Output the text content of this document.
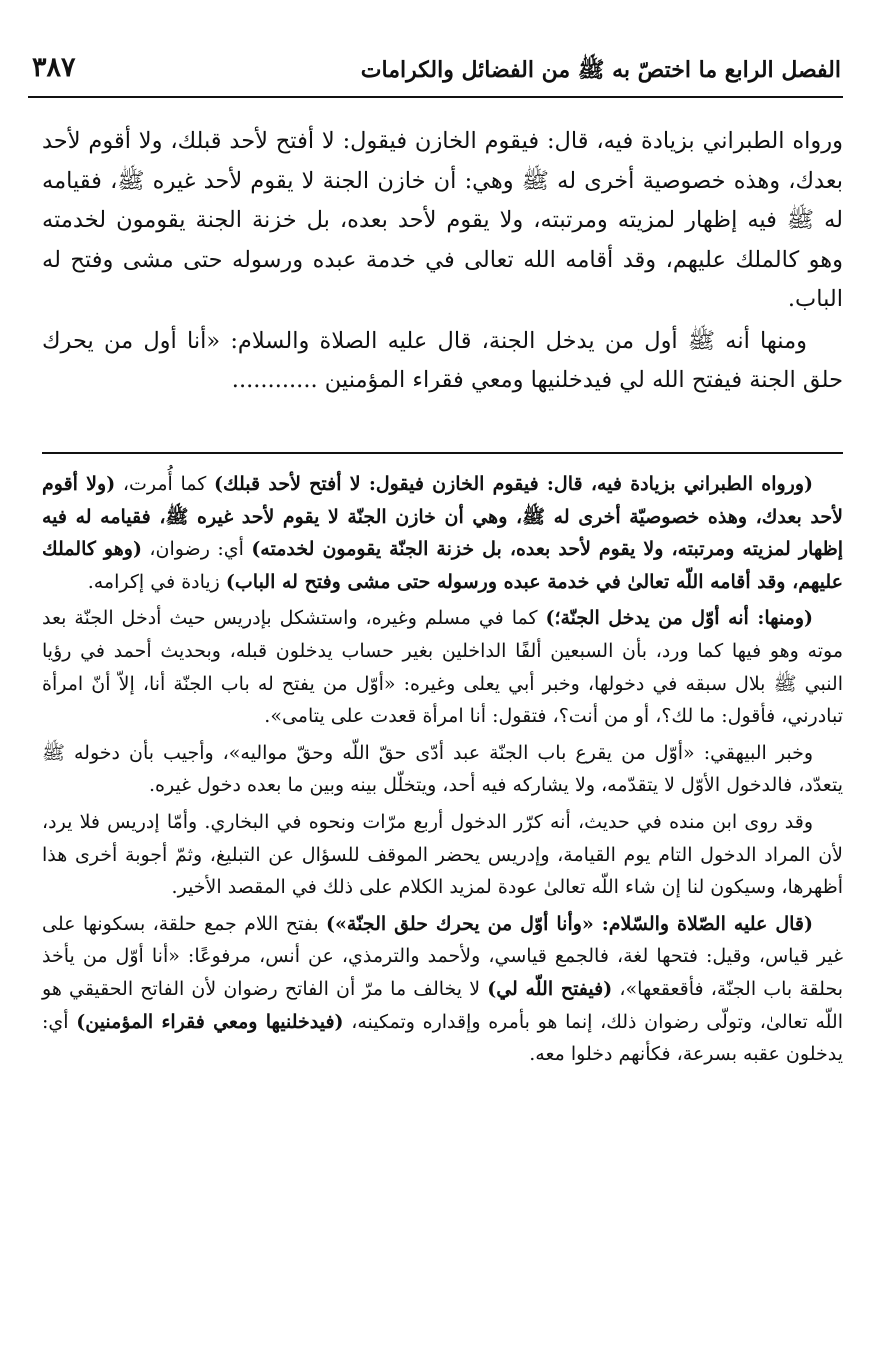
٣٨٧	الفصل الرابع ما اختصّ به ﷺ من الفضائل والكرامات

ورواه الطبراني بزيادة فيه، قال: فيقوم الخازن فيقول: لا أفتح لأحد قبلك، ولا أقوم لأحد بعدك، وهذه خصوصية أخرى له ﷺ وهي: أن خازن الجنة لا يقوم لأحد غيره ﷺ، فقيامه له ﷺ فيه إظهار لمزيته ومرتبته، ولا يقوم لأحد بعده، بل خزنة الجنة يقومون لخدمته وهو كالملك عليهم، وقد أقامه الله تعالى في خدمة عبده ورسوله حتى مشى وفتح له الباب.

ومنها أنه ﷺ أول من يدخل الجنة، قال عليه الصلاة والسلام: «أنا أول من يحرك حلق الجنة فيفتح الله لي فيدخلنيها ومعي فقراء المؤمنين ............

(ورواه الطبراني بزيادة فيه، قال: فيقوم الخازن فيقول: لا أفتح لأحد قبلك) كما أُمرت، (ولا أقوم لأحد بعدك، وهذه خصوصيّة أخرى له ﷺ، وهي أن خازن الجنّة لا يقوم لأحد غيره ﷺ، فقيامه له فيه إظهار لمزيته ومرتبته، ولا يقوم لأحد بعده، بل خزنة الجنّة يقومون لخدمته) أي: رضوان، (وهو كالملك عليهم، وقد أقامه اللّه تعالىٰ في خدمة عبده ورسوله حتى مشى وفتح له الباب) زيادة في إكرامه.

(ومنها: أنه أوّل من يدخل الجنّة؛) كما في مسلم وغيره، واستشكل بإدريس حيث أدخل الجنّة بعد موته وهو فيها كما ورد، بأن السبعين ألفًا الداخلين بغير حساب يدخلون قبله، وبحديث أحمد في رؤيا النبي ﷺ بلال سبقه في دخولها، وخبر أبي يعلى وغيره: «أوّل من يفتح له باب الجنّة أنا، إلاّ أنّ امرأة تبادرني، فأقول: ما لك؟، أو من أنت؟، فتقول: أنا امرأة قعدت على يتامى».

وخبر البيهقي: «أوّل من يقرع باب الجنّة عبد أدّى حقّ اللّه وحقّ مواليه»، وأجيب بأن دخوله ﷺ يتعدّد، فالدخول الأوّل لا يتقدّمه، ولا يشاركه فيه أحد، ويتخلّل بينه وبين ما بعده دخول غيره.

وقد روى ابن منده في حديث، أنه كرّر الدخول أربع مرّات ونحوه في البخاري. وأمّا إدريس فلا يرد، لأن المراد الدخول التام يوم القيامة، وإدريس يحضر الموقف للسؤال عن التبليغ، وثمّ أجوبة أخرى هذا أظهرها، وسيكون لنا إن شاء اللّه تعالىٰ عودة لمزيد الكلام على ذلك في المقصد الأخير.

(قال عليه الصّلاة والسّلام: «وأنا أوّل من يحرك حلق الجنّة») بفتح اللام جمع حلقة، بسكونها على غير قياس، وقيل: فتحها لغة، فالجمع قياسي، ولأحمد والترمذي، عن أنس، مرفوعًا: «أنا أوّل من يأخذ بحلقة باب الجنّة، فأقعقعها»، (فيفتح اللّه لي) لا يخالف ما مرّ أن الفاتح رضوان لأن الفاتح الحقيقي هو اللّه تعالىٰ، وتولّى رضوان ذلك، إنما هو بأمره وإقداره وتمكينه، (فيدخلنيها ومعي فقراء المؤمنين) أي: يدخلون عقبه بسرعة، فكأنهم دخلوا معه.
